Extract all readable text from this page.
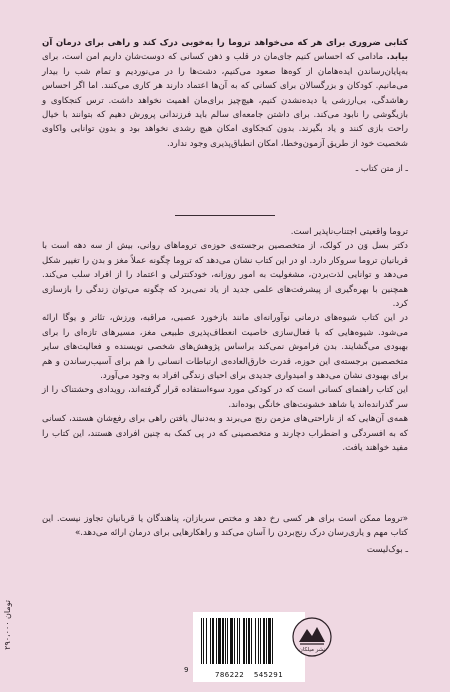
کتابی ضروری برای هر که می‌خواهد تروما را به‌خوبی درک کند و راهی برای درمان آن بیابد. مادامی که احساس کنیم جای‌مان در قلب و ذهن کسانی که دوست‌شان داریم امن است، برای به‌پایان‌رساندن ایده‌هامان از کوه‌ها صعود می‌کنیم، دشت‌ها را در می‌نوردیم و تمام شب را بیدار می‌مانیم. کودکان و بزرگسالان برای کسانی که به آن‌ها اعتماد دارند هر کاری می‌کنند. اما اگر احساس رهاشدگی، بی‌ارزشی یا دیده‌نشدن کنیم، هیچ‌چیز برای‌مان اهمیت نخواهد داشت. ترس کنجکاوی و بازیگوشی را نابود می‌کند. برای داشتن جامعه‌ای سالم باید فرزندانی پرورش دهیم که بتوانند با خیال راحت بازی کنند و یاد بگیرند. بدون کنجکاوی امکان هیچ رشدی نخواهد بود و بدون توانایی واکاوی شخصیت خود از طریق آزمون‌وخطا، امکان انطباق‌پذیری وجود ندارد.

ـ از متن کتاب ـ

تروما واقعیتی اجتناب‌ناپذیر است.

دکتر بسل وَن در کولک، از متخصصین برجسته‌ی حوزه‌ی تروماهای روانی، بیش از سه دهه است با قربانیان تروما سروکار دارد. او در این کتاب نشان می‌دهد که تروما چگونه عملاً مغز و بدن را تغییر شکل می‌دهد و توانایی لذت‌بردن، مشغولیت به امور روزانه، خودکنترلی و اعتماد را از افراد سلب می‌کند. همچنین با بهره‌گیری از پیشرفت‌های علمی جدید از یاد نمی‌برد که چگونه می‌توان زندگی را بازسازی کرد.

در این کتاب شیوه‌های درمانی نوآورانه‌ای مانند بازخورد عصبی، مراقبه، ورزش، تئاتر و یوگا ارائه می‌شود. شیوه‌هایی که با فعال‌سازی خاصیت انعطاف‌پذیری طبیعی مغز، مسیرهای تازه‌ای را برای بهبودی می‌گشایند. بدن فراموش نمی‌کند براساس پژوهش‌های شخصی نویسنده و فعالیت‌های سایر متخصصین برجسته‌ی این حوزه، قدرت خارق‌العاده‌ی ارتباطات انسانی را هم برای آسیب‌رساندن و هم برای بهبودی نشان می‌دهد و امیدواری جدیدی برای احیای زندگی افراد به وجود می‌آورد.

این کتاب راهنمای کسانی است که در کودکی مورد سوءاستفاده قرار گرفته‌اند، رویدادی وحشتناک را از سر گذرانده‌اند یا شاهد خشونت‌های خانگی بوده‌اند.

همه‌ی آن‌هایی که از ناراحتی‌های مزمن رنج می‌برند و به‌دنبال یافتن راهی برای رفع‌شان هستند، کسانی که به افسردگی و اضطراب دچارند و متخصصینی که در پی کمک به چنین افرادی هستند، این کتاب را مفید خواهند یافت.

«تروما ممکن است برای هر کسی رخ دهد و مختص سربازان، پناهندگان یا قربانیان تجاوز نیست. این کتاب مهم و یاری‌رسان درک رنج‌بردن را آسان می‌کند و راهکارهایی برای درمان ارائه می‌دهد.»

ـ بوک‌لیست

۲۹۰،۰۰۰ تومان
9
786222 545291
نشر میلکان
